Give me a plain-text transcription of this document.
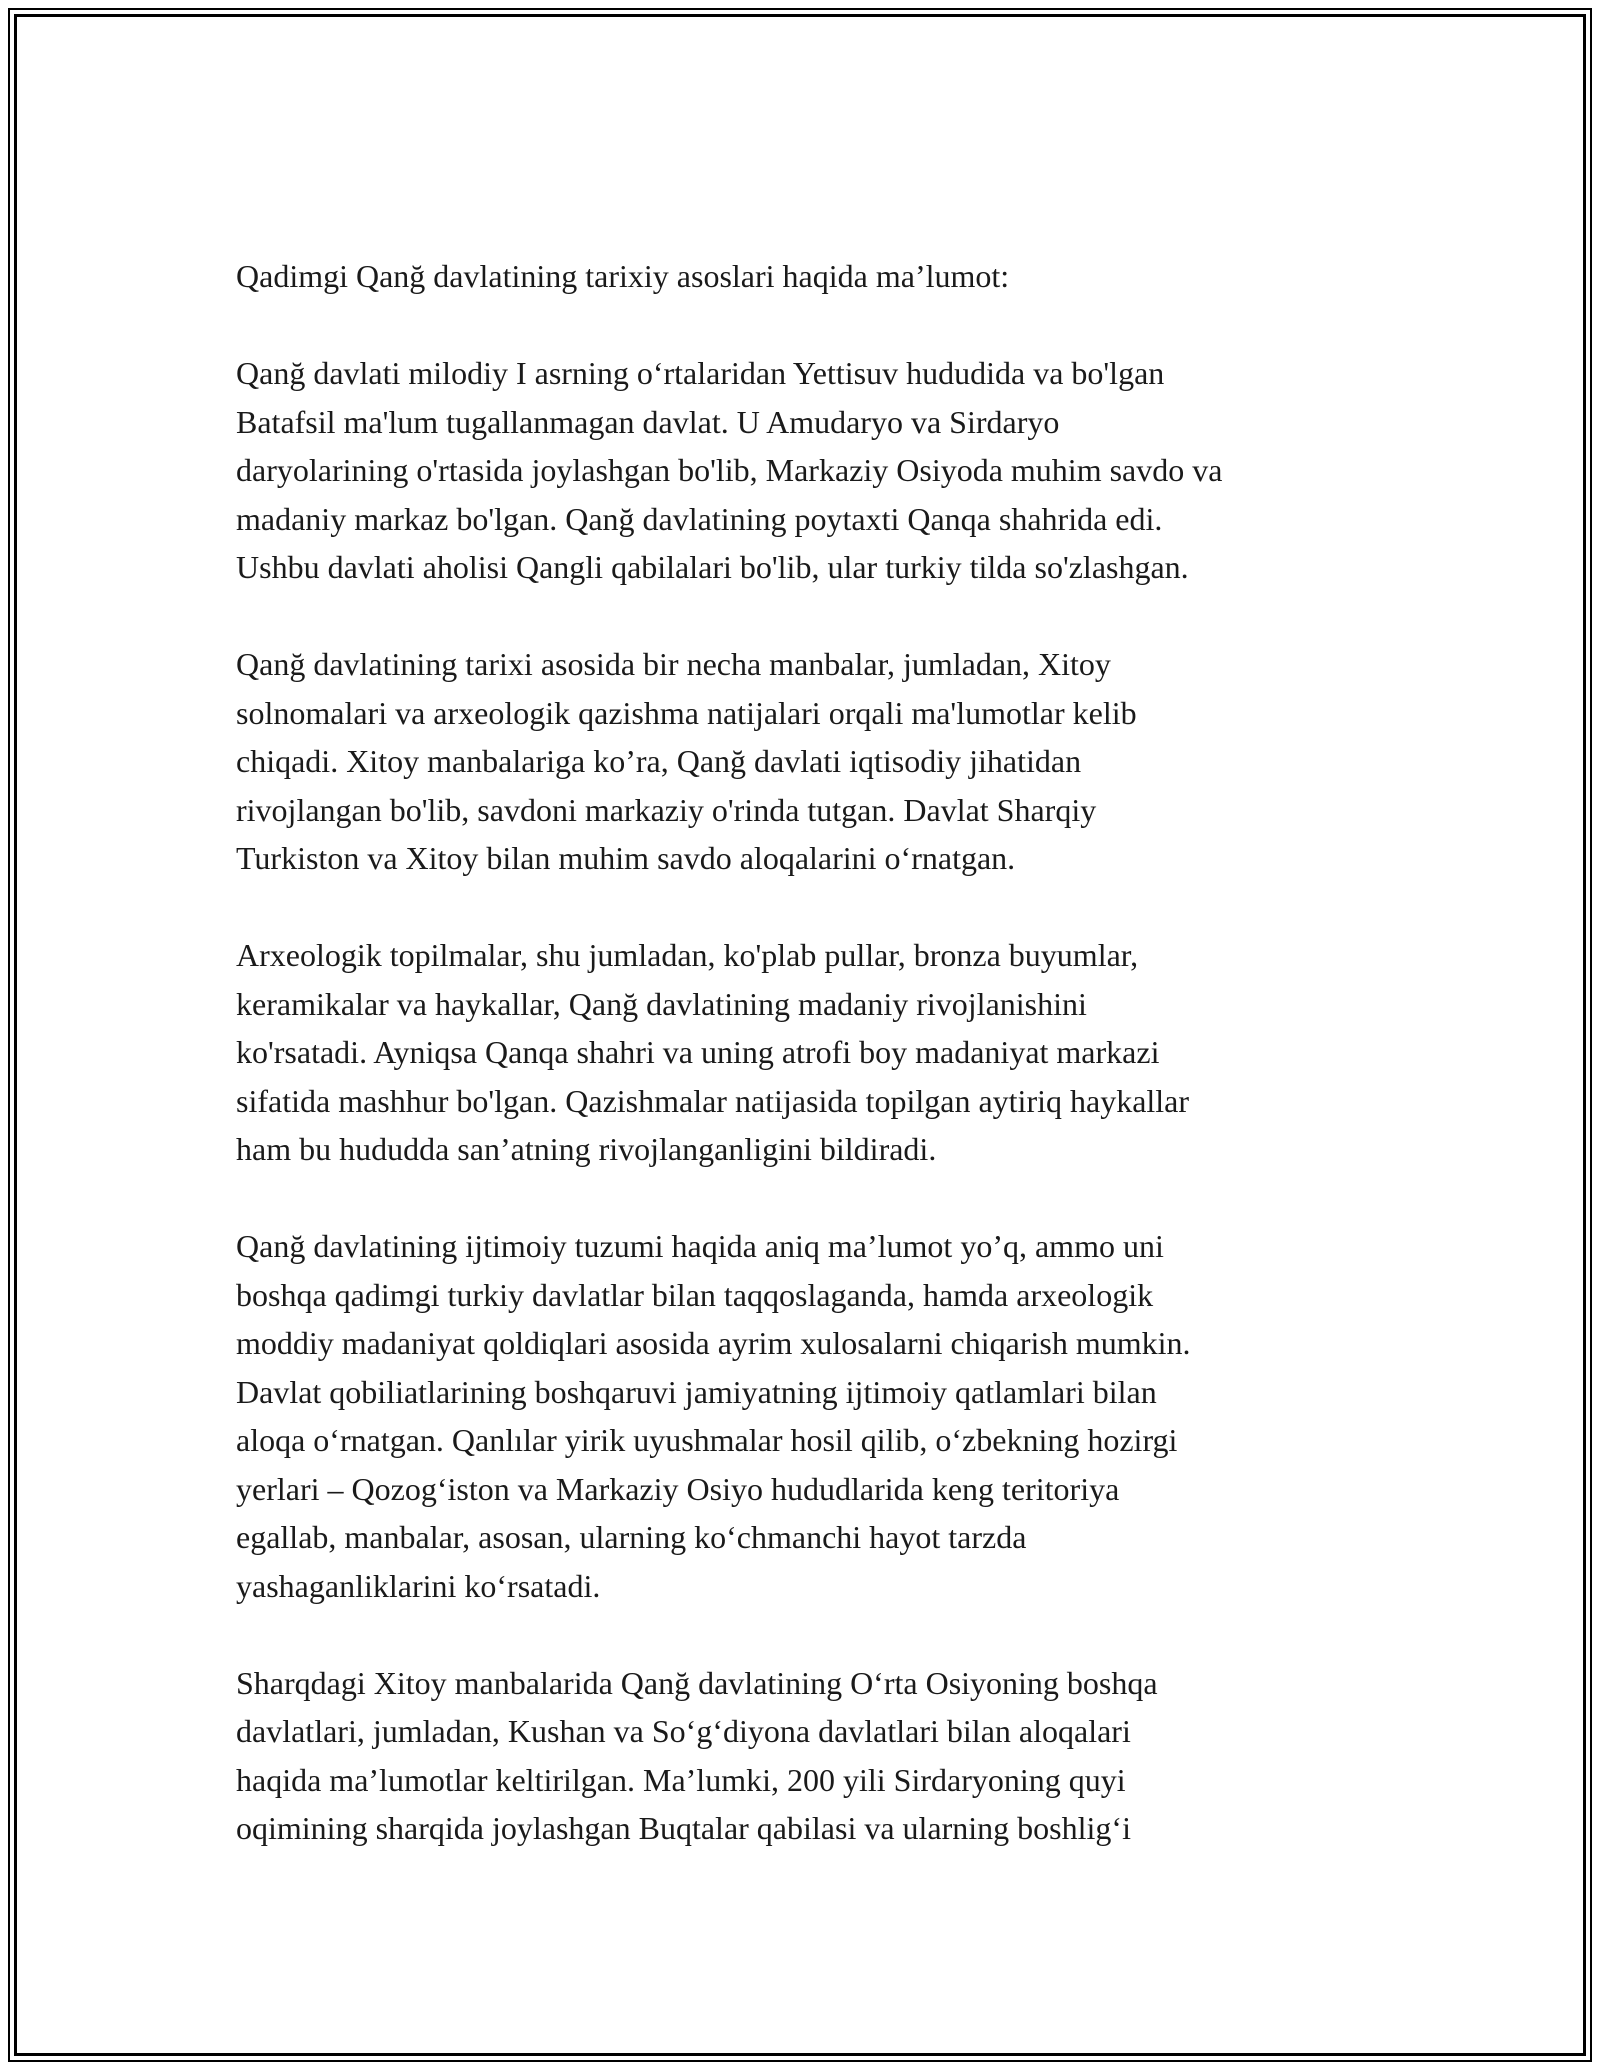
Qadimgi Qanğ davlatining tarixiy asoslari haqida ma’lumot:

Qanğ davlati milodiy I asrning o‘rtalaridan Yettisuv hududida va bo'lgan
Batafsil ma'lum tugallanmagan davlat. U Amudaryo va Sirdaryo
daryolarining o'rtasida joylashgan bo'lib, Markaziy Osiyoda muhim savdo va
madaniy markaz bo'lgan. Qanğ davlatining poytaxti Qanqa shahrida edi.
Ushbu davlati aholisi Qangli qabilalari bo'lib, ular turkiy tilda so'zlashgan.

Qanğ davlatining tarixi asosida bir necha manbalar, jumladan, Xitoy
solnomalari va arxeologik qazishma natijalari orqali ma'lumotlar kelib
chiqadi. Xitoy manbalariga ko’ra, Qanğ davlati iqtisodiy jihatidan
rivojlangan bo'lib, savdoni markaziy o'rinda tutgan. Davlat Sharqiy
Turkiston va Xitoy bilan muhim savdo aloqalarini o‘rnatgan.

Arxeologik topilmalar, shu jumladan, ko'plab pullar, bronza buyumlar,
keramikalar va haykallar, Qanğ davlatining madaniy rivojlanishini
ko'rsatadi. Ayniqsa Qanqa shahri va uning atrofi boy madaniyat markazi
sifatida mashhur bo'lgan. Qazishmalar natijasida topilgan aytiriq haykallar
ham bu hududda san’atning rivojlanganligini bildiradi.

Qanğ davlatining ijtimoiy tuzumi haqida aniq ma’lumot yo’q, ammo uni
boshqa qadimgi turkiy davlatlar bilan taqqoslaganda, hamda arxeologik
moddiy madaniyat qoldiqlari asosida ayrim xulosalarni chiqarish mumkin.
Davlat qobiliatlarining boshqaruvi jamiyatning ijtimoiy qatlamlari bilan
aloqa o‘rnatgan. Qanlılar yirik uyushmalar hosil qilib, o‘zbekning hozirgi
yerlari – Qozog‘iston va Markaziy Osiyo hududlarida keng teritoriya
egallab, manbalar, asosan, ularning ko‘chmanchi hayot tarzda
yashaganliklarini ko‘rsatadi.

Sharqdagi Xitoy manbalarida Qanğ davlatining O‘rta Osiyoning boshqa
davlatlari, jumladan, Kushan va So‘g‘diyona davlatlari bilan aloqalari
haqida ma’lumotlar keltirilgan. Ma’lumki, 200 yili Sirdaryoning quyi
oqimining sharqida joylashgan Buqtalar qabilasi va ularning boshlig‘i
